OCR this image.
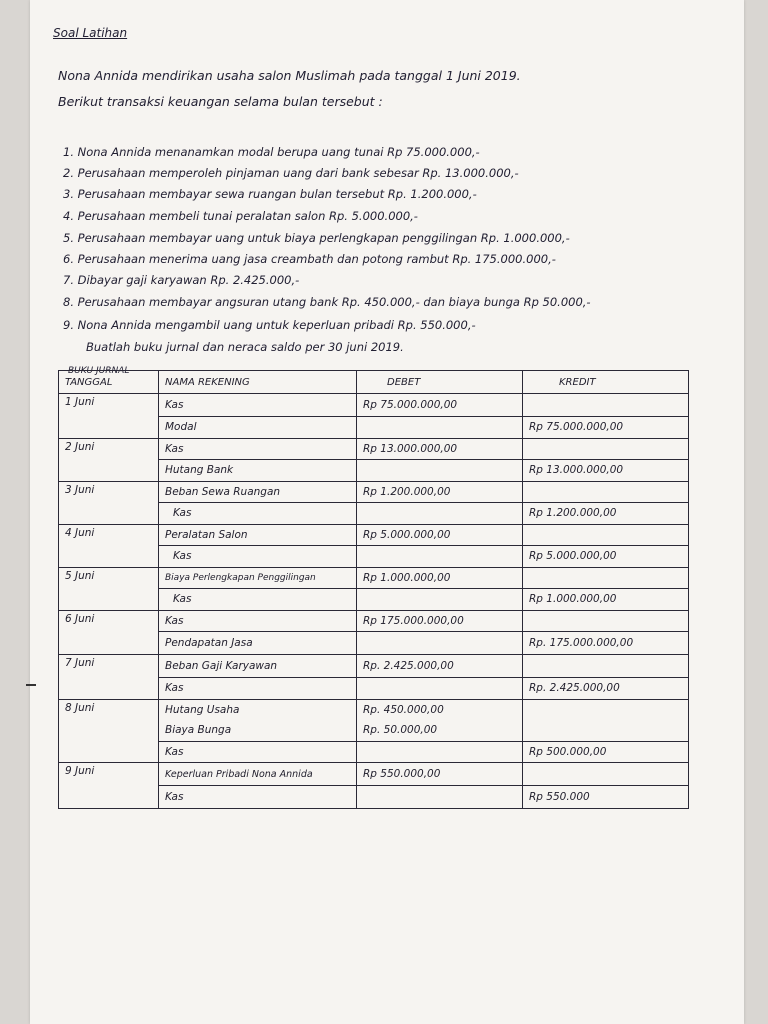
Soal Latihan
Nona Annida mendirikan usaha salon Muslimah pada tanggal 1 Juni 2019.
Berikut transaksi keuangan selama bulan tersebut :
1. Nona Annida menanamkan modal berupa uang tunai Rp 75.000.000,-
2. Perusahaan memperoleh pinjaman uang dari bank sebesar Rp. 13.000.000,-
3. Perusahaan membayar sewa ruangan bulan tersebut Rp. 1.200.000,-
4. Perusahaan membeli tunai peralatan salon Rp. 5.000.000,-
5. Perusahaan membayar uang untuk biaya perlengkapan penggilingan Rp. 1.000.000,-
6. Perusahaan menerima uang jasa creambath dan potong rambut Rp. 175.000.000,-
7. Dibayar gaji karyawan Rp. 2.425.000,-
8. Perusahaan membayar angsuran utang bank Rp. 450.000,- dan biaya bunga Rp 50.000,-
9. Nona Annida mengambil uang untuk keperluan pribadi Rp. 550.000,-
Buatlah buku jurnal dan neraca saldo per 30 juni 2019.
BUKU JURNAL
TANGGAL	NAMA REKENING	DEBET	KREDIT
1 Juni	Kas	Rp 75.000.000,00	
	Modal		Rp 75.000.000,00
2 Juni	Kas	Rp 13.000.000,00	
	Hutang Bank		Rp 13.000.000,00
3 Juni	Beban Sewa Ruangan	Rp 1.200.000,00	
	Kas		Rp 1.200.000,00
4 Juni	Peralatan Salon	Rp 5.000.000,00	
	Kas		Rp 5.000.000,00
5 Juni	Biaya Perlengkapan Penggilingan	Rp 1.000.000,00	
	Kas		Rp 1.000.000,00
6 Juni	Kas	Rp 175.000.000,00	
	Pendapatan Jasa		Rp. 175.000.000,00
7 Juni	Beban Gaji Karyawan	Rp. 2.425.000,00	
	Kas		Rp. 2.425.000,00
8 Juni	Hutang Usaha	Rp. 450.000,00	
	Biaya Bunga	Rp. 50.000,00	
	Kas		Rp 500.000,00
9 Juni	Keperluan Pribadi Nona Annida	Rp 550.000,00	
	Kas		Rp 550.000
